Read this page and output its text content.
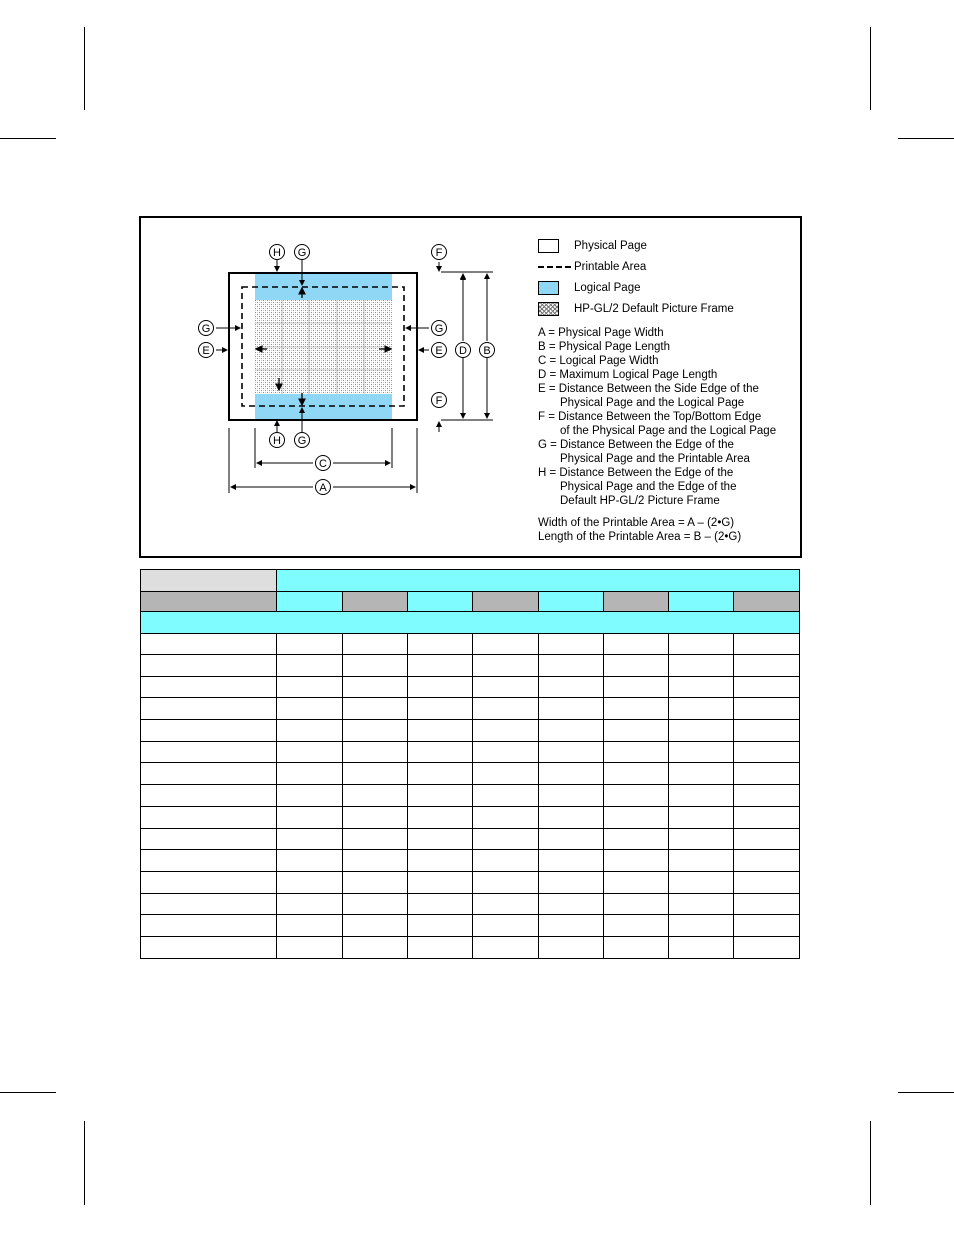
H G	F
G
E
G
E D B
F
H G
C
A
Physical Page
Printable Area
Logical Page
HP-GL/2 Default Picture Frame
A = Physical Page Width
B = Physical Page Length
C = Logical Page Width
D = Maximum Logical Page Length
E = Distance Between the Side Edge of the
Physical Page and the Logical Page
F = Distance Between the Top/Bottom Edge
of the Physical Page and the Logical Page
G = Distance Between the Edge of the
Physical Page and the Printable Area
H = Distance Between the Edge of the
Physical Page and the Edge of the
Default HP-GL/2 Picture Frame
Width of the Printable Area = A – (2•G)
Length of the Printable Area = B – (2•G)
